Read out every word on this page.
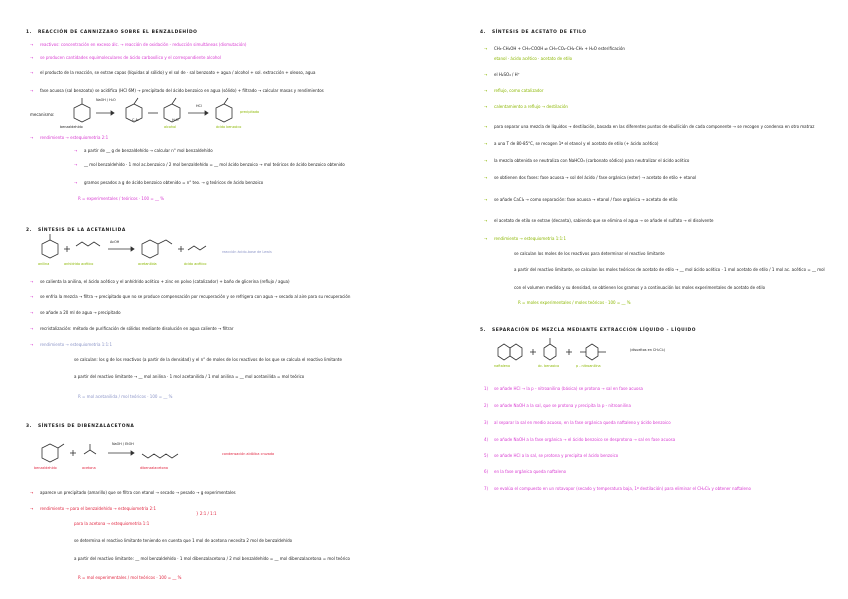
1. REACCIÓN DE CANNIZZARO SOBRE EL BENZALDEHÍDO
→ reactivos: concentración en exceso álc. → reacción de oxidación - reducción simultáneas (dismutación)
→ se producen cantidades equimoleculares de ácido carboxílico y el correspondiente alcohol
→ el producto de la reacción, se extrae capas (líquidas al sólido) y el sol de · sal benzoato + agua / alcohol + sol. extracción + oleoso, agua
→ fase acuosa (sal benzoato) se acidifica (HCl 6M) → precipitado del ácido benzoico en agua (sólido) + filtrado → calcular masas y rendimientos
mecanismo:
benzaldehído
NaOH / H₂O
C.A.	H₂O
alcohol
HCl
ácido benzoico
precipitado
→ rendimiento → estequiometría 2:1
→ a partir de __ g de benzaldehído → calcular n° mol benzaldehído
→ __ mol benzaldehído · 1 mol ac.benzoico / 2 mol benzaldehído = __ mol ácido benzoico → mol teóricos de ácido benzoico obtenido
→ gramos pesados a g de ácido benzoico obtenido = n° teo. → g teóricos de ácido benzoico
R = experimentales / teóricos · 100 = __ %
2. SÍNTESIS DE LA ACETANILIDA
anilina	anhídrido acético
AcOH
acetanilida	ácido acético
reacción ácido-base de Lewis
→ se calienta la anilina, el ácido acético y el anhídrido acético + zinc en polvo (catalizador) + baño de glicerina (reflujo / agua)
→ se enfría la mezcla → filtra → precipitado que no se produce compensación por recuperación y se refrigera con agua → secado al aire para su recuperación
→ se añade a 20 ml de agua → precipitado
→ recristalización: método de purificación de sólidos mediante disolución en agua caliente → filtrar
→ rendimiento → estequiometría 1:1:1
se calculan: los g de los reactivos (a partir de la densidad) y el n° de moles de los reactivos de los que se calcula el reactivo limitante
a partir del reactivo limitante → __ mol anilina · 1 mol acetanilida / 1 mol anilina = __ mol acetanilida = mol teórico
R = mol acetanilida / mol teóricos · 100 = __ %
3. SÍNTESIS DE DIBENZALACETONA
benzaldehído	acetona
NaOH / EtOH
dibenzalacetona
condensación aldólica cruzada
→ aparece un precipitado (amarillo) que se filtra con etanol → secado → pesado → g experimentales
→ rendimiento → para el benzaldehído → estequiometría 2:1
para la acetona → estequiometría 1:1
} 2:1 / 1:1
se determina el reactivo limitante teniendo en cuenta que 1 mol de acetona necesita 2 mol de benzaldehído
a partir del reactivo limitante: __ mol benzaldehído · 1 mol dibenzalacetona / 2 mol benzaldehído = __ mol dibenzalacetona = mol teórico
R = mol experimentales / mol teóricos · 100 = __ %
4. SÍNTESIS DE ACETATO DE ETILO
→ CH₃-CH₂OH + CH₃-COOH ⇌ CH₃-CO₂-CH₂-CH₃ + H₂O esterificación
etanol · ácido acético · acetato de etilo
→ el H₂SO₄ / H⁺
→ reflujo, como catalizador
→ calentamiento a reflujo → destilación
→ para separar una mezcla de líquidos → destilación, basada en las diferentes puntos de ebullición de cada componente → se recogen y condensa en otro matraz
→ a una T de 80-85°C, se recogen 1ª el etanol y el acetato de etilo (+ ácido acético)
→ la mezcla obtenida se neutraliza con NaHCO₃ (carbonato sódico) para neutralizar el ácido acético
→ se obtienen dos fases: fase acuosa → sol del ácido / fase orgánica (ester) → acetato de etilo + etanol
→ se añade CaCl₂ → como separación: fase acuosa → etanol / fase orgánica → acetato de etilo
→ el acetato de etilo se extrae (decanta), sabiendo que se elimina el agua → se añade el sulfato → el disolvente
→ rendimiento → estequiometría 1:1:1
se calculan los moles de los reactivos para determinar el reactivo limitante
a partir del reactivo limitante, se calculan los moles teóricos de acetato de etilo → __ mol ácido acético · 1 mol acetato de etilo / 1 mol ac. acético = __ mol
con el volumen medido y su densidad, se obtienen los gramos y a continuación los moles experimentales de acetato de etilo
R = moles experimentales / moles teóricos · 100 = __ %
5. SEPARACIÓN DE MEZCLA MEDIANTE EXTRACCIÓN LÍQUIDO - LÍQUIDO
naftaleno	ác. benzoico	p - nitroanilina
(disueltos en CH₂Cl₂)
1) se añade HCl → la p - nitroanilina (básica) se protona → sal en fase acuosa
2) se añade NaOH a la sal, que se protona y precipita la p - nitroanilina
3) al separar la sal en medio acuoso, en la fase orgánica queda naftaleno y ácido benzoico
4) se añade NaOH a la fase orgánica → el ácido benzoico se desprotona → sal en fase acuosa
5) se añade HCl a la sal, se protona y precipita el ácido benzoico
6) en la fase orgánica queda naftaleno
7) se evalúa el compuesto en un rotavapor (secado y temperatura baja, 1ª destilación) para eliminar el CH₂Cl₂ y obtener naftaleno
